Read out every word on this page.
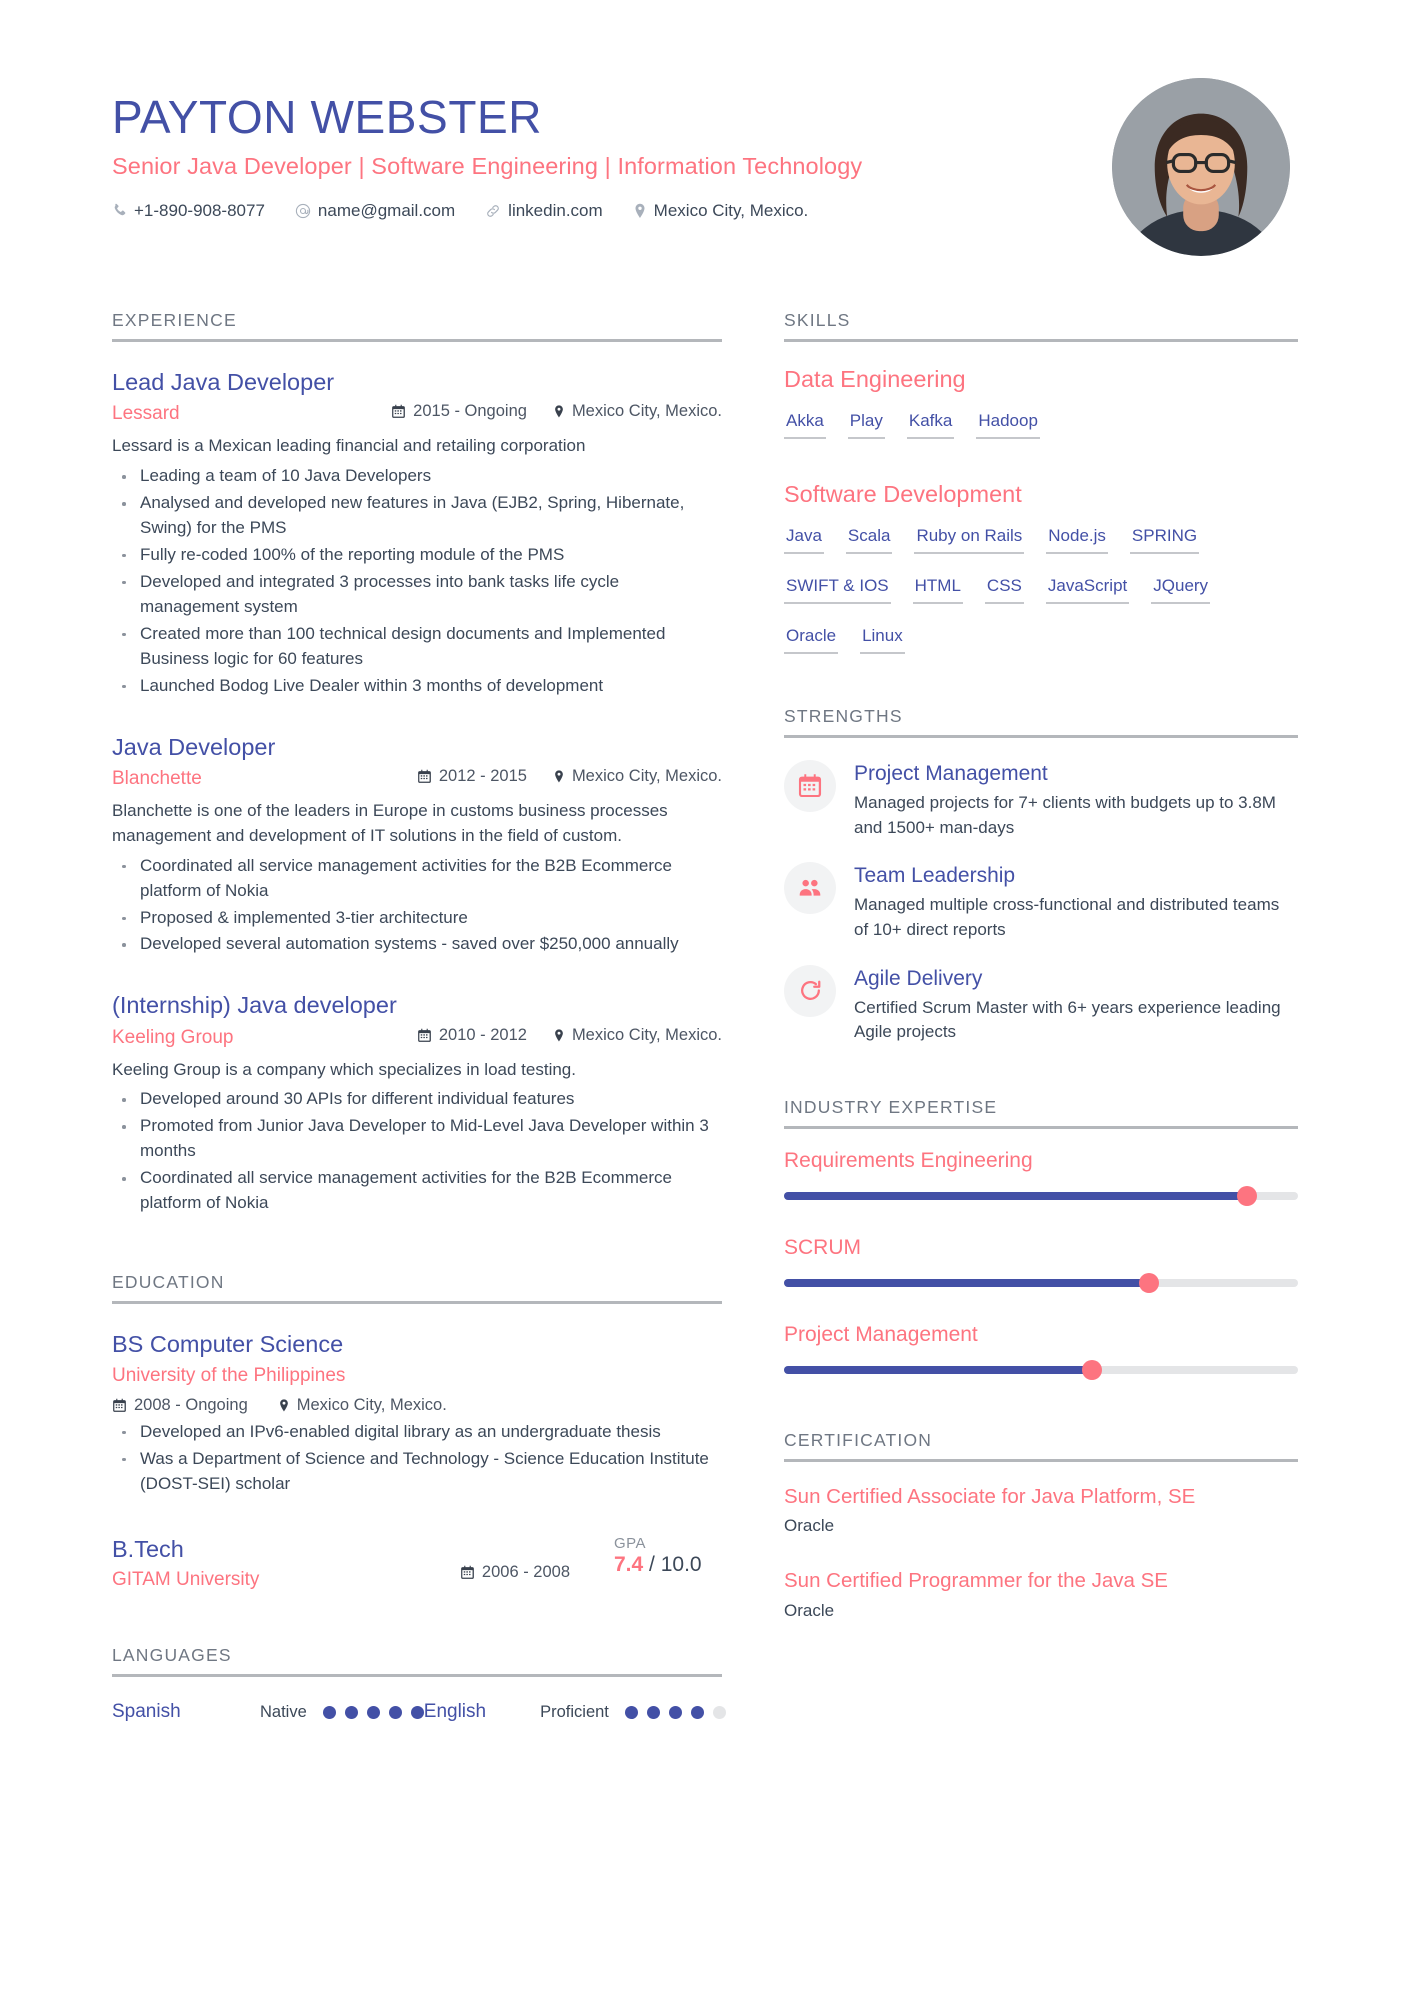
PAYTON WEBSTER
Senior Java Developer | Software Engineering | Information Technology
+1-890-908-8077	name@gmail.com	linkedin.com	Mexico City, Mexico.
EXPERIENCE
Lead Java Developer
Lessard	2015 - Ongoing	Mexico City, Mexico.
Lessard is a Mexican leading financial and retailing corporation
Leading a team of 10 Java Developers
Analysed and developed new features in Java (EJB2, Spring, Hibernate, Swing) for the PMS
Fully re-coded 100% of the reporting module of the PMS
Developed and integrated 3 processes into bank tasks life cycle management system
Created more than 100 technical design documents and Implemented Business logic for 60 features
Launched Bodog Live Dealer within 3 months of development
Java Developer
Blanchette	2012 - 2015	Mexico City, Mexico.
Blanchette is one of the leaders in Europe in customs business processes management and development of IT solutions in the field of custom.
Coordinated all service management activities for the B2B Ecommerce platform of Nokia
Proposed & implemented 3-tier architecture
Developed several automation systems - saved over $250,000 annually
(Internship) Java developer
Keeling Group	2010 - 2012	Mexico City, Mexico.
Keeling Group is a company which specializes in load testing.
Developed around 30 APIs for different individual features
Promoted from Junior Java Developer to Mid-Level Java Developer within 3 months
Coordinated all service management activities for the B2B Ecommerce platform of Nokia
EDUCATION
BS Computer Science
University of the Philippines
2008 - Ongoing	Mexico City, Mexico.
Developed an IPv6-enabled digital library as an undergraduate thesis
Was a Department of Science and Technology - Science Education Institute (DOST-SEI) scholar
B.Tech
GITAM University	2006 - 2008
GPA
7.4 / 10.0
LANGUAGES
Spanish	Native	English	Proficient
SKILLS
Data Engineering
Akka Play Kafka Hadoop
Software Development
Java Scala Ruby on Rails Node.js SPRING
SWIFT & IOS HTML CSS JavaScript JQuery
Oracle Linux
STRENGTHS
Project Management
Managed projects for 7+ clients with budgets up to 3.8M and 1500+ man-days
Team Leadership
Managed multiple cross-functional and distributed teams of 10+ direct reports
Agile Delivery
Certified Scrum Master with 6+ years experience leading Agile projects
INDUSTRY EXPERTISE
Requirements Engineering
SCRUM
Project Management
CERTIFICATION
Sun Certified Associate for Java Platform, SE
Oracle
Sun Certified Programmer for the Java SE
Oracle
